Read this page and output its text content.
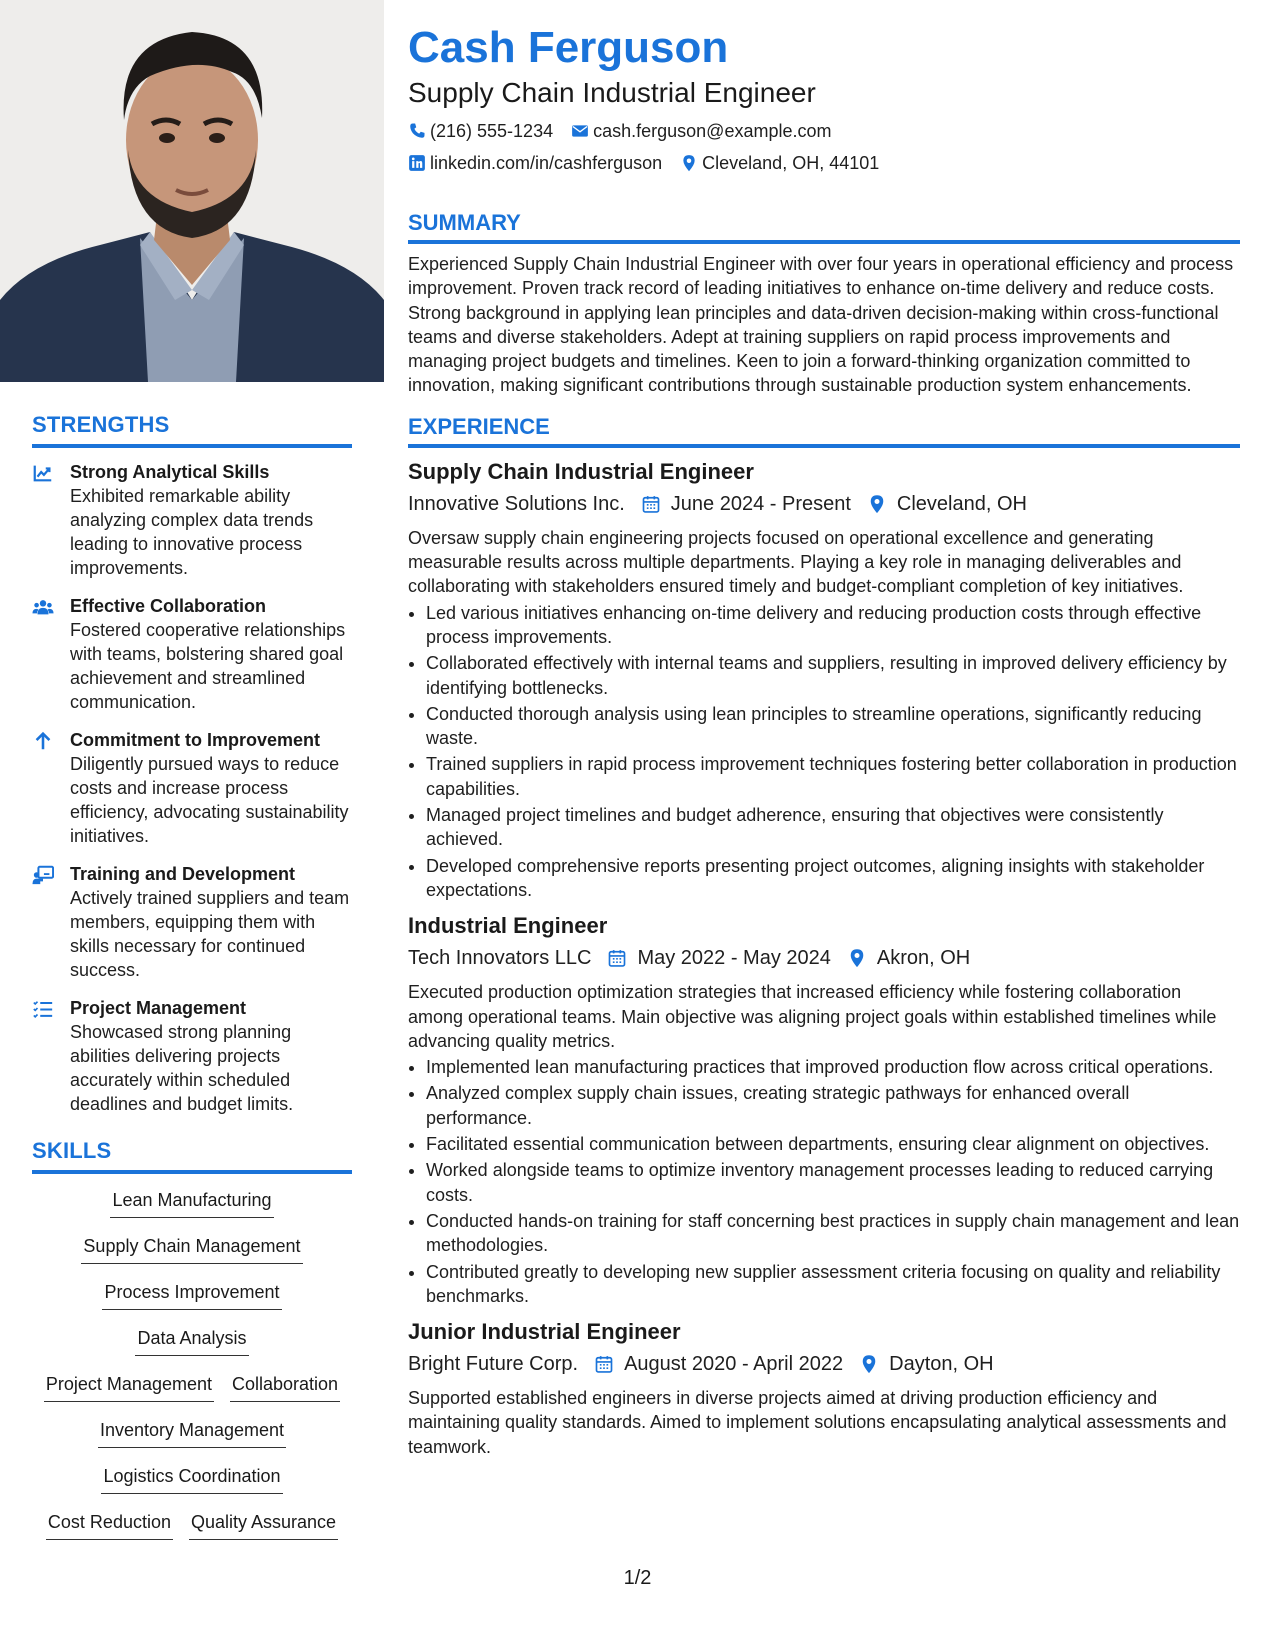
STRENGTHS
Strong Analytical Skills
Exhibited remarkable ability analyzing complex data trends leading to innovative process improvements.
Effective Collaboration
Fostered cooperative relationships with teams, bolstering shared goal achievement and streamlined communication.
Commitment to Improvement
Diligently pursued ways to reduce costs and increase process efficiency, advocating sustainability initiatives.
Training and Development
Actively trained suppliers and team members, equipping them with skills necessary for continued success.
Project Management
Showcased strong planning abilities delivering projects accurately within scheduled deadlines and budget limits.
SKILLS
Lean Manufacturing
Supply Chain Management
Process Improvement
Data Analysis
Project Management Collaboration
Inventory Management
Logistics Coordination
Cost Reduction Quality Assurance
Cash Ferguson
Supply Chain Industrial Engineer
(216) 555-1234 cash.ferguson@example.com
linkedin.com/in/cashferguson Cleveland, OH, 44101
SUMMARY

Experienced Supply Chain Industrial Engineer with over four years in operational efficiency and process improvement. Proven track record of leading initiatives to enhance on-time delivery and reduce costs. Strong background in applying lean principles and data-driven decision-making within cross-functional teams and diverse stakeholders. Adept at training suppliers on rapid process improvements and managing project budgets and timelines. Keen to join a forward-thinking organization committed to innovation, making significant contributions through sustainable production system enhancements.

EXPERIENCE
Supply Chain Industrial Engineer
Innovative Solutions Inc. June 2024 - Present Cleveland, OH

Oversaw supply chain engineering projects focused on operational excellence and generating measurable results across multiple departments. Playing a key role in managing deliverables and collaborating with stakeholders ensured timely and budget-compliant completion of key initiatives.

• Led various initiatives enhancing on-time delivery and reducing production costs through effective process improvements.
• Collaborated effectively with internal teams and suppliers, resulting in improved delivery efficiency by identifying bottlenecks.
• Conducted thorough analysis using lean principles to streamline operations, significantly reducing waste.
• Trained suppliers in rapid process improvement techniques fostering better collaboration in production capabilities.
• Managed project timelines and budget adherence, ensuring that objectives were consistently achieved.
• Developed comprehensive reports presenting project outcomes, aligning insights with stakeholder expectations.
Industrial Engineer
Tech Innovators LLC May 2022 - May 2024 Akron, OH

Executed production optimization strategies that increased efficiency while fostering collaboration among operational teams. Main objective was aligning project goals within established timelines while advancing quality metrics.

• Implemented lean manufacturing practices that improved production flow across critical operations.
• Analyzed complex supply chain issues, creating strategic pathways for enhanced overall performance.
• Facilitated essential communication between departments, ensuring clear alignment on objectives.
• Worked alongside teams to optimize inventory management processes leading to reduced carrying costs.
• Conducted hands-on training for staff concerning best practices in supply chain management and lean methodologies.
• Contributed greatly to developing new supplier assessment criteria focusing on quality and reliability benchmarks.
Junior Industrial Engineer
Bright Future Corp. August 2020 - April 2022 Dayton, OH

Supported established engineers in diverse projects aimed at driving production efficiency and maintaining quality standards. Aimed to implement solutions encapsulating analytical assessments and teamwork.

1/2
